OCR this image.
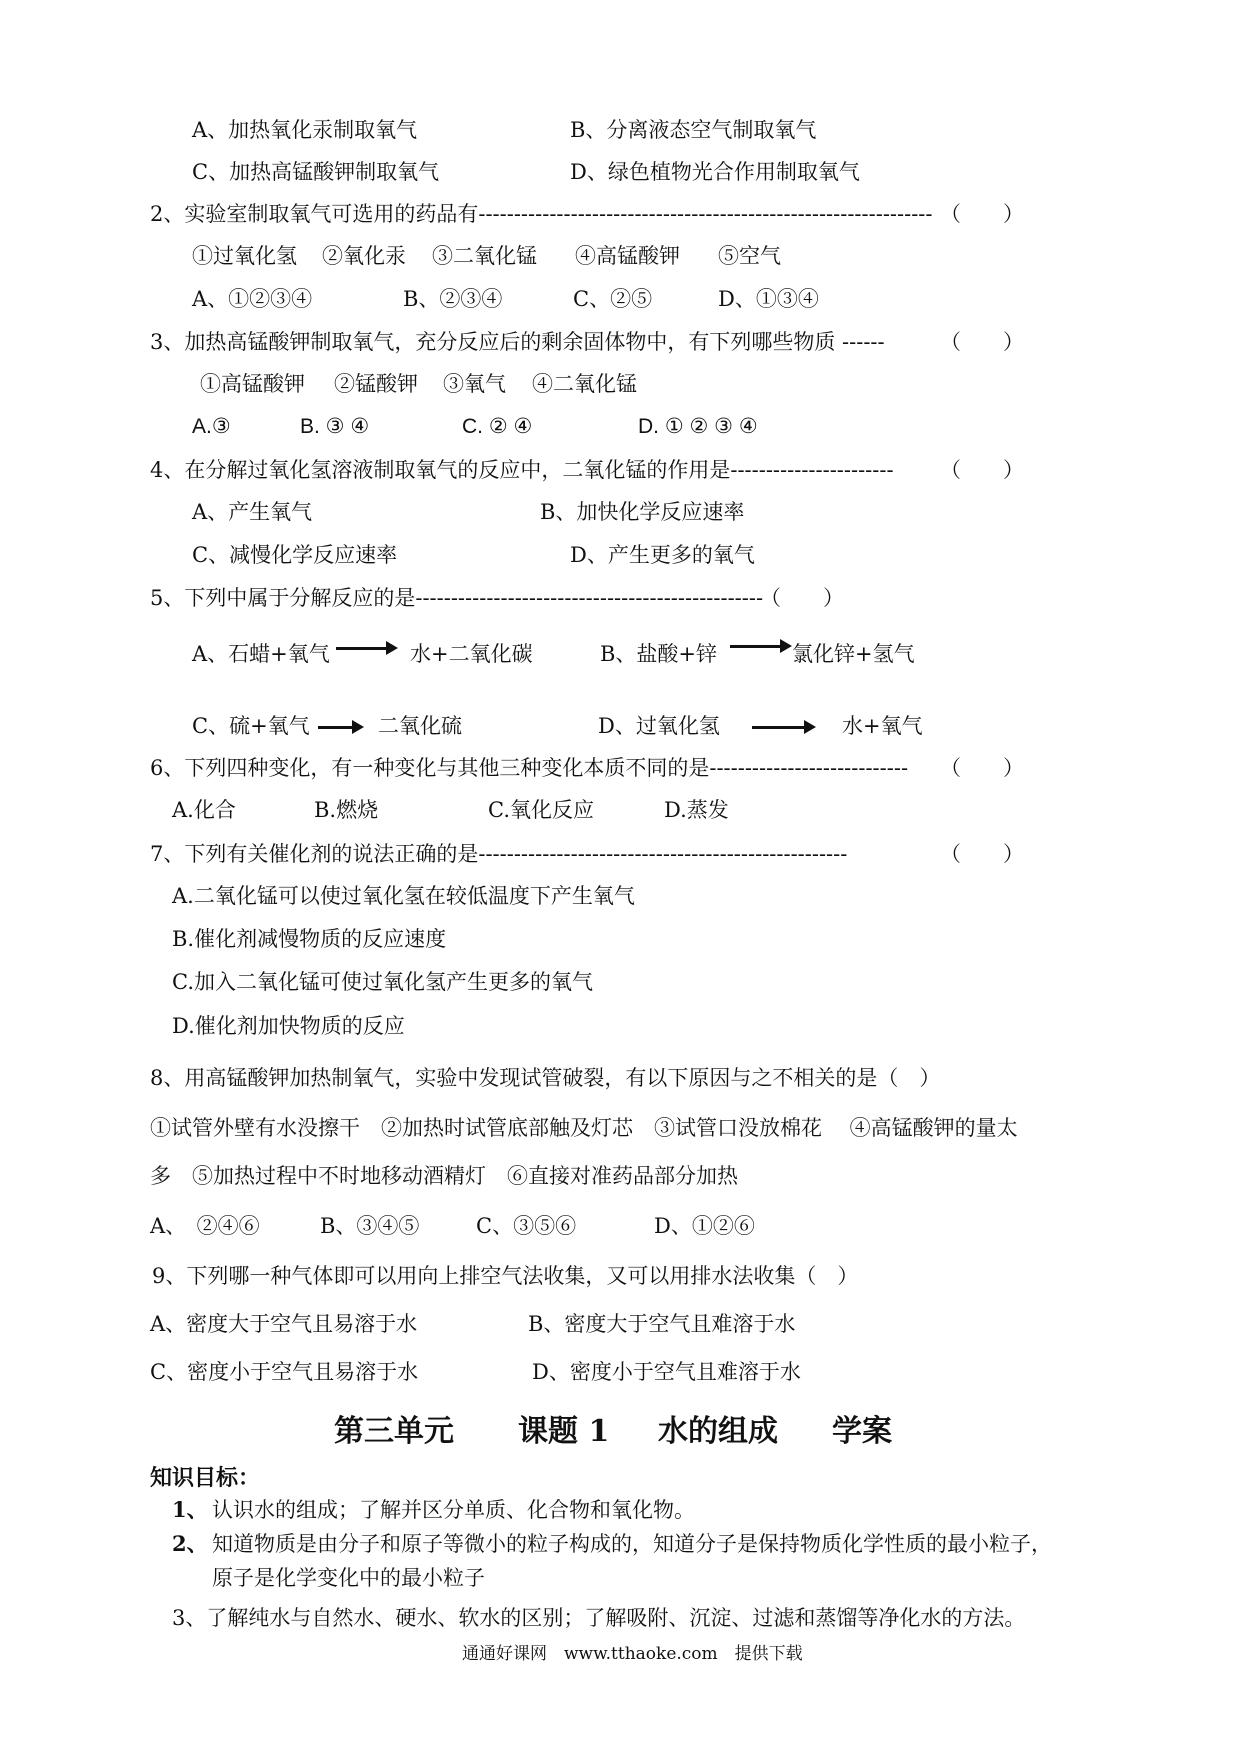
A、加热氧化汞制取氧气	B、分离液态空气制取氧气
C、加热高锰酸钾制取氧气	D、绿色植物光合作用制取氧气
2、实验室制取氧气可选用的药品有---------------------------------------------------------------- （　　）
①过氧化氢 ②氧化汞 ③二氧化锰 ④高锰酸钾 ⑤空气
A、①②③④	B、②③④	C、②⑤	D、①③④
3、加热高锰酸钾制取氧气，充分反应后的剩余固体物中，有下列哪些物质 ------	（　　）
①高锰酸钾 ②锰酸钾 ③氧气 ④二氧化锰
A.③	B. ③ ④	C. ② ④	D. ① ② ③ ④
4、在分解过氧化氢溶液制取氧气的反应中，二氧化锰的作用是----------------------- （　　）
A、产生氧气	B、加快化学反应速率
C、减慢化学反应速率	D、产生更多的氧气
5、下列中属于分解反应的是-------------------------------------------------
（　　）
A、石蜡+氧气 → 水+二氧化碳	B、盐酸+锌 → 氯化锌+氢气
C、硫+氧气 → 二氧化硫	D、过氧化氢	水+氧气
6、下列四种变化，有一种变化与其他三种变化本质不同的是---------------------------- （　　）
A.化合	B.燃烧	C.氧化反应	D.蒸发
7、下列有关催化剂的说法正确的是----------------------------------------------------	（　　）
A.二氧化锰可以使过氧化氢在较低温度下产生氧气
B.催化剂减慢物质的反应速度
C.加入二氧化锰可使过氧化氢产生更多的氧气
D.催化剂加快物质的反应
8、用高锰酸钾加热制氧气，实验中发现试管破裂，有以下原因与之不相关的是（　）
①试管外壁有水没擦干　②加热时试管底部触及灯芯　③试管口没放棉花　 ④高锰酸钾的量太
多　⑤加热过程中不时地移动酒精灯　⑥直接对准药品部分加热
A、　②④⑥	B、③④⑤	C、③⑤⑥	D、①②⑥
9、下列哪一种气体即可以用向上排空气法收集，又可以用排水法收集（　）
A、密度大于空气且易溶于水	B、密度大于空气且难溶于水
C、密度小于空气且易溶于水	D、密度小于空气且难溶于水
第三单元 课题 1 水的组成 学案
知识目标：
1、 认识水的组成；了解并区分单质、化合物和氧化物。
2、 知道物质是由分子和原子等微小的粒子构成的，知道分子是保持物质化学性质的最小粒子，
原子是化学变化中的最小粒子
3、了解纯水与自然水、硬水、软水的区别；了解吸附、沉淀、过滤和蒸馏等净化水的方法。
通通好课网　www.tthaoke.com　提供下载
